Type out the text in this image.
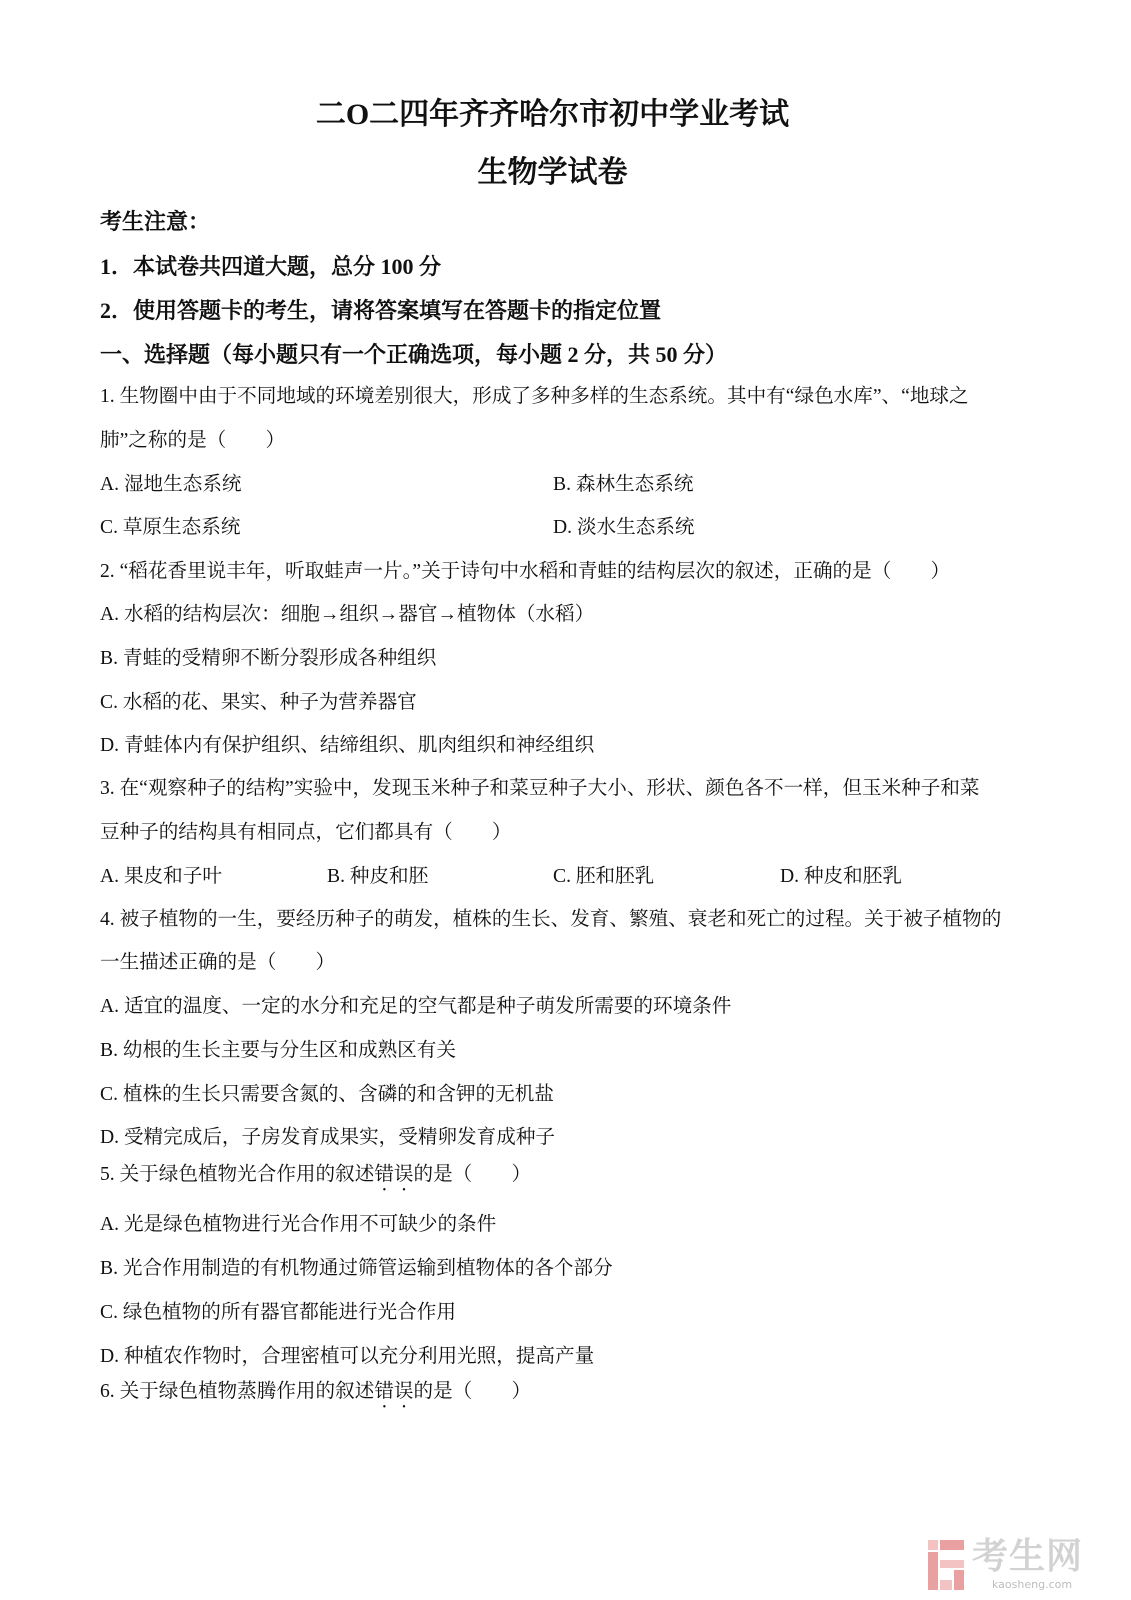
二O二四年齐齐哈尔市初中学业考试
生物学试卷
考生注意：
1．本试卷共四道大题，总分 100 分
2．使用答题卡的考生，请将答案填写在答题卡的指定位置
一、选择题（每小题只有一个正确选项，每小题 2 分，共 50 分）
1. 生物圈中由于不同地域的环境差别很大，形成了多种多样的生态系统。其中有“绿色水库”、“地球之
肺”之称的是（　　）
A. 湿地生态系统	B. 森林生态系统
C. 草原生态系统	D. 淡水生态系统
2. “稻花香里说丰年，听取蛙声一片。”关于诗句中水稻和青蛙的结构层次的叙述，正确的是（　　）
A. 水稻的结构层次：细胞→组织→器官→植物体（水稻）
B. 青蛙的受精卵不断分裂形成各种组织
C. 水稻的花、果实、种子为营养器官
D. 青蛙体内有保护组织、结缔组织、肌肉组织和神经组织
3. 在“观察种子的结构”实验中，发现玉米种子和菜豆种子大小、形状、颜色各不一样，但玉米种子和菜
豆种子的结构具有相同点，它们都具有（　　）
A. 果皮和子叶	B. 种皮和胚	C. 胚和胚乳	D. 种皮和胚乳
4. 被子植物的一生，要经历种子的萌发，植株的生长、发育、繁殖、衰老和死亡的过程。关于被子植物的
一生描述正确的是（　　）
A. 适宜的温度、一定的水分和充足的空气都是种子萌发所需要的环境条件
B. 幼根的生长主要与分生区和成熟区有关
C. 植株的生长只需要含氮的、含磷的和含钾的无机盐
D. 受精完成后，子房发育成果实，受精卵发育成种子
5. 关于绿色植物光合作用的叙述错误的是（　　）
A. 光是绿色植物进行光合作用不可缺少的条件
B. 光合作用制造的有机物通过筛管运输到植物体的各个部分
C. 绿色植物的所有器官都能进行光合作用
D. 种植农作物时，合理密植可以充分利用光照，提高产量
6. 关于绿色植物蒸腾作用的叙述错误的是（　　）
考生网
kaosheng.com
